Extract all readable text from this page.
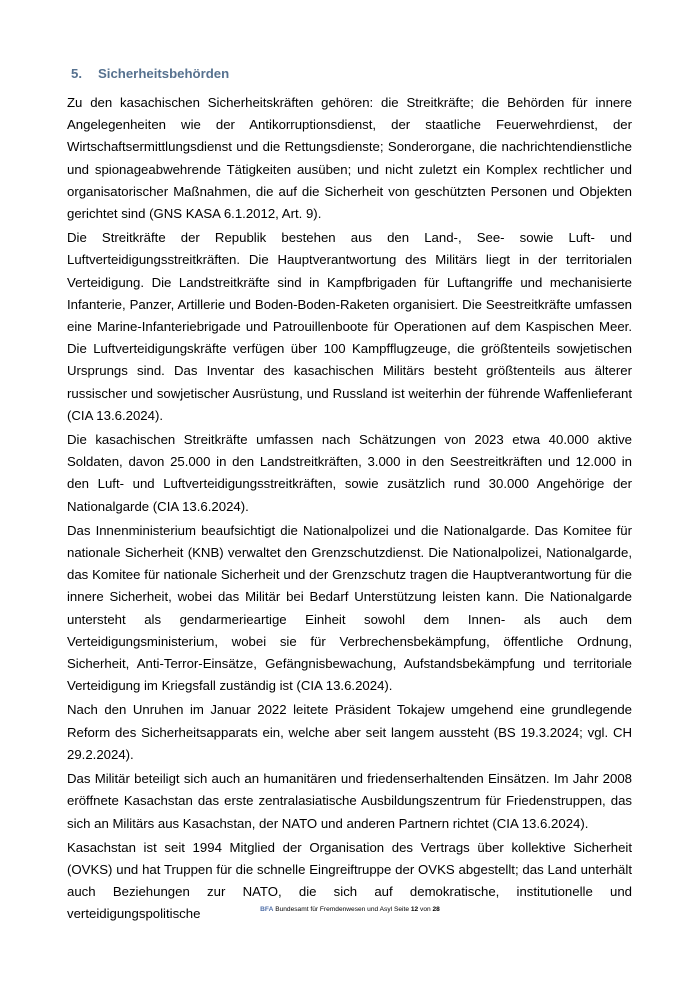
5. Sicherheitsbehörden

Zu den kasachischen Sicherheitskräften gehören: die Streitkräfte; die Behörden für innere Angelegenheiten wie der Antikorruptionsdienst, der staatliche Feuerwehrdienst, der Wirtschaftsermittlungsdienst und die Rettungsdienste; Sonderorgane, die nachrichtendienstliche und spionageabwehrende Tätigkeiten ausüben; und nicht zuletzt ein Komplex rechtlicher und organisatorischer Maßnahmen, die auf die Sicherheit von geschützten Personen und Objekten gerichtet sind (GNS KASA 6.1.2012, Art. 9).

Die Streitkräfte der Republik bestehen aus den Land-, See- sowie Luft- und Luftverteidigungsstreitkräften. Die Hauptverantwortung des Militärs liegt in der territorialen Verteidigung. Die Landstreitkräfte sind in Kampfbrigaden für Luftangriffe und mechanisierte Infanterie, Panzer, Artillerie und Boden-Boden-Raketen organisiert. Die Seestreitkräfte umfassen eine Marine-Infanteriebrigade und Patrouillenboote für Operationen auf dem Kaspischen Meer. Die Luftverteidigungskräfte verfügen über 100 Kampfflugzeuge, die größtenteils sowjetischen Ursprungs sind. Das Inventar des kasachischen Militärs besteht größtenteils aus älterer russischer und sowjetischer Ausrüstung, und Russland ist weiterhin der führende Waffenlieferant (CIA 13.6.2024).

Die kasachischen Streitkräfte umfassen nach Schätzungen von 2023 etwa 40.000 aktive Soldaten, davon 25.000 in den Landstreitkräften, 3.000 in den Seestreitkräften und 12.000 in den Luft- und Luftverteidigungsstreitkräften, sowie zusätzlich rund 30.000 Angehörige der Nationalgarde (CIA 13.6.2024).

Das Innenministerium beaufsichtigt die Nationalpolizei und die Nationalgarde. Das Komitee für nationale Sicherheit (KNB) verwaltet den Grenzschutzdienst. Die Nationalpolizei, Nationalgarde, das Komitee für nationale Sicherheit und der Grenzschutz tragen die Hauptverantwortung für die innere Sicherheit, wobei das Militär bei Bedarf Unterstützung leisten kann. Die Nationalgarde untersteht als gendarmerieartige Einheit sowohl dem Innen- als auch dem Verteidigungsministerium, wobei sie für Verbrechensbekämpfung, öffentliche Ordnung, Sicherheit, Anti-Terror-Einsätze, Gefängnisbewachung, Aufstandsbekämpfung und territoriale Verteidigung im Kriegsfall zuständig ist (CIA 13.6.2024).

Nach den Unruhen im Januar 2022 leitete Präsident Tokajew umgehend eine grundlegende Reform des Sicherheitsapparats ein, welche aber seit langem aussteht (BS 19.3.2024; vgl. CH 29.2.2024).

Das Militär beteiligt sich auch an humanitären und friedenserhaltenden Einsätzen. Im Jahr 2008 eröffnete Kasachstan das erste zentralasiatische Ausbildungszentrum für Friedenstruppen, das sich an Militärs aus Kasachstan, der NATO und anderen Partnern richtet (CIA 13.6.2024).

Kasachstan ist seit 1994 Mitglied der Organisation des Vertrags über kollektive Sicherheit (OVKS) und hat Truppen für die schnelle Eingreiftruppe der OVKS abgestellt; das Land unterhält auch Beziehungen zur NATO, die sich auf demokratische, institutionelle und verteidigungspolitische	BFA Bundesamt für Fremdenwesen und Asyl Seite 12 von 28
